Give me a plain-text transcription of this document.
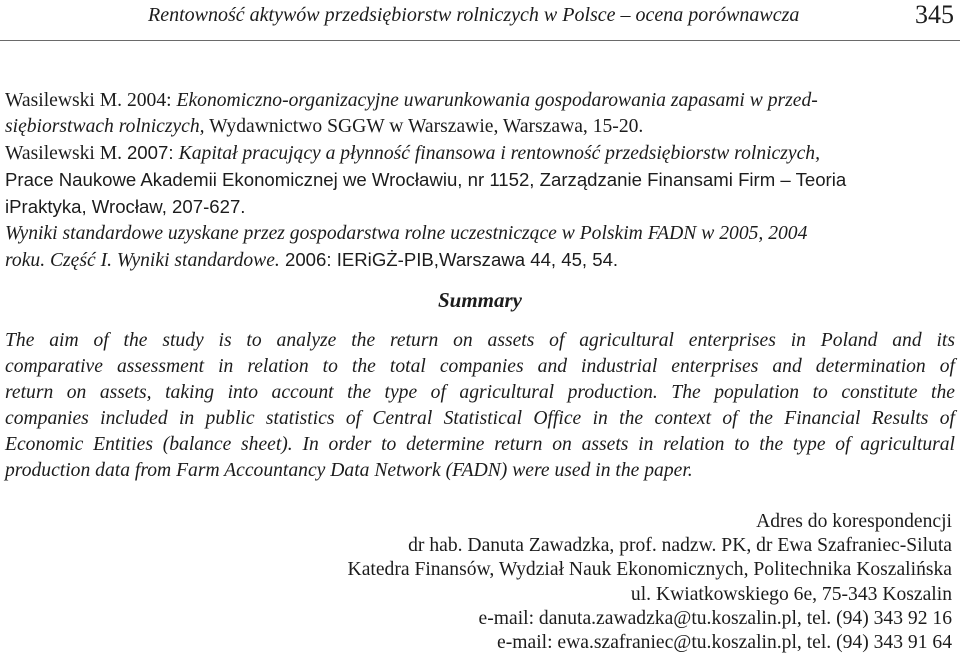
Rentowność aktywów przedsiębiorstw rolniczych w Polsce – ocena porównawcza	345
Wasilewski M. 2004: Ekonomiczno-organizacyjne uwarunkowania gospodarowania zapasami w przed-
siębiorstwach rolniczych, Wydawnictwo SGGW w Warszawie, Warszawa, 15-20.
Wasilewski M. 2007: Kapitał pracujący a płynność finansowa i rentowność przedsiębiorstw rolniczych,
Prace Naukowe Akademii Ekonomicznej we Wrocławiu, nr 1152, Zarządzanie Finansami Firm – Teoria
iPraktyka, Wrocław, 207-627.
Wyniki standardowe uzyskane przez gospodarstwa rolne uczestniczące w Polskim FADN w 2005, 2004
roku. Część I. Wyniki standardowe. 2006: IERiGŻ-PIB,Warszawa 44, 45, 54.
Summary
The aim of the study is to analyze the return on assets of agricultural enterprises in Poland and its
comparative assessment in relation to the total companies and industrial enterprises and determination of
return on assets, taking into account the type of agricultural production. The population to constitute the
companies included in public statistics of Central Statistical Office in the context of the Financial Results of
Economic Entities (balance sheet). In order to determine return on assets in relation to the type of agricultural
production data from Farm Accountancy Data Network (FADN) were used in the paper.
Adres do korespondencji
dr hab. Danuta Zawadzka, prof. nadzw. PK, dr Ewa Szafraniec-Siluta
Katedra Finansów, Wydział Nauk Ekonomicznych, Politechnika Koszalińska
ul. Kwiatkowskiego 6e, 75-343 Koszalin
e-mail: danuta.zawadzka@tu.koszalin.pl, tel. (94) 343 92 16
e-mail: ewa.szafraniec@tu.koszalin.pl, tel. (94) 343 91 64
